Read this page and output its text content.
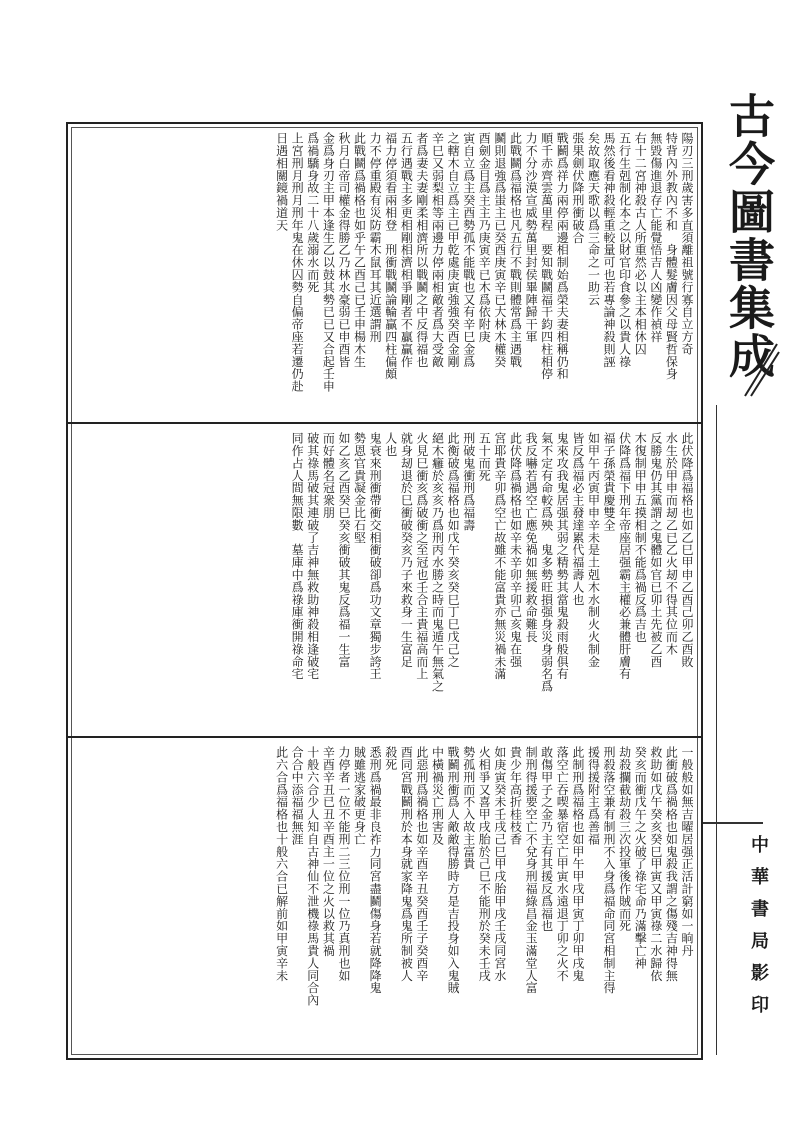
古今圖書集成
中華書局影印
陽刃三刑歲害多直須離祖號行寡自立方奇
特背內外教內不和　身體髮膚因父母賢哲保身
無毀傷進退存亡能覺悟吉人凶變作禎祥
右十二宮神殺古人所重然必以主本相休囚
五行生剋制化本之以財官印食參之以貴人祿
馬然後看神殺輕重較量可也若專論神殺則誣
矣故取應天歌以爲三命之一助云
張果劍伏降刑衝破合
戰鬭爲祥力兩停兩邊相制始爲榮夫妻相稱仍和
順千赤齊雲萬里程　要知戰鬭福干鈞四柱相停
力不分沙漠宣威勢萬里封侯畢陣歸干軍
此戰鬭爲福格也凡五行不戰則體常爲主遇戰
鬭則退強爲蚩主已癸酉庚寅辛已大林木權癸
酉劍金目爲主主乃庚寅辛已木爲依附庚
寅自立爲主癸酉勢孤不能戰也又有辛巳金爲
之轄木自立爲主已甲乾處庚寅強強癸酉金剛
辛巳又弱梨相等兩邊力停兩相敵者爲大受敵
者爲妻夫妻剛柔相濟所以戰鬭之中反得福也
五行遇戰主多更相剛相濟相爭剛者不贏贏作
福力停須看兩相登　刑衝戰鬭論輪贏四柱偏頗
力不停重殿有災防霸木鼠耳其近選謂刑
此戰鬭爲禍格也如乎午乙酉己已壬申楊木生
秋月白帝司權金得勝乙乃林水豪弱已申酉皆
金爲身刃主甲本逢生乙以鼓其勢已已又合起壬申
爲禍驕身故二十八歲溺水而死
上宮刑月刑月刑年鬼在休囚勢自偏帝座若遷仍赴
日遇相關鏡禍道天
此伏降爲福格也如乙巳甲申乙酉己卯乙酉敗
水生於甲申而刼乙已乙火刼不得其位而木
反勝鬼仍其黨謂之鬼體如官已卯土先被乙酉
木復制甲申五摸相制不能爲禍反爲吉也
伏降爲福下刑年帝座居强霸主權必兼體肝膚有
福子孫榮貴慶雙全
如甲午丙寅甲申辛未是土剋木水制火火制金
皆反爲福必主發達累代福壽人也
鬼來攻我鬼居强其弱之精勢其當鬼殺雨般俱有
氣不定有命較爲殃　鬼多勢旺損强身災身弱名爲
我反嚇若遇空亡應免禍如無援救命難長
此伏降爲禍格也如辛未辛卯辛卯己亥鬼在强
宮耶貴辛卯爲空亡故雖不能富貴亦無災禍未滿
五十而死
刑破鬼衝刑爲福壽
此衡破爲福格也如戊午癸亥癸巳丁巳戊己之
絕木癰於亥亥乃爲刑丙水勝之時而鬼遁午無氣之
火見巳衝亥爲破衝之至冠也壬合主貴福高而上
就身刼退於巳衝破癸亥乃子來救身一生富足
人也
鬼衰來刑衝帶衝交相衝破卻爲功文章獨步誇王
勢恩官貴凝金比石堅
如乙亥乙酉癸巳癸亥衝破其鬼反爲福一生富
而好體名冠衆朋
破其祿馬破其連破了吉神無救助神殺相逢破宅
同作占人間無限數　墓庫中爲祿庫衝開祿命宅
一般般如無吉曜居强正活計窮如一晌丹
此衝破爲禍格也如鬼殺我謂之傷殘吉神得無
救助如戊午癸亥癸巳甲寅又甲寅祿二水歸依
癸亥而衝戊午之火破了祿宅命乃滿擊亡神
劫殺攔截劫殺三次投軍後作賊而死
刑殺落空兼有制刑不入身爲福命同宮相制主得
援得援附主爲善福
此制刑爲福格也如甲午甲戌甲寅丁卯甲戌鬼
落空亡吞喫暴宿空亡甲寅水遠退丁卯之火不
敢傷甲子之金乃主有其援反爲福也
制刑得援要空亡不兌身刑福綠昌金玉滿堂人富
貴少年高折桂枝香
如庚寅癸未壬戌己巳甲戌胎甲戌壬戌同宮水
火相爭又喜甲戌胎於己巳不能刑於癸未壬戌
勢孤刑而不入故主富貴
戰鬭刑衝爲人敵敵得勝時方是吉投身如入鬼賊
中橫禍災亡刑害及
此惡刑爲禍格也如辛酉辛丑癸酉壬子癸酉辛
酉同宮戰鬭刑於本身就家降鬼爲鬼所制被人
殺死
悉刑爲禍最非良祚力同宮盡鬭傷身若就降降鬼
賊雖逃家破更身亡
力停者一位不能刑二三位刑一位乃真刑也如
辛酉辛丑已丑辛酉主一位之火以救其禍
十般六合少人知自古神仙不泄機祿馬貴人同合內
合合中添福福無涯
此六合爲福格也十般六合已解前如甲寅辛未
